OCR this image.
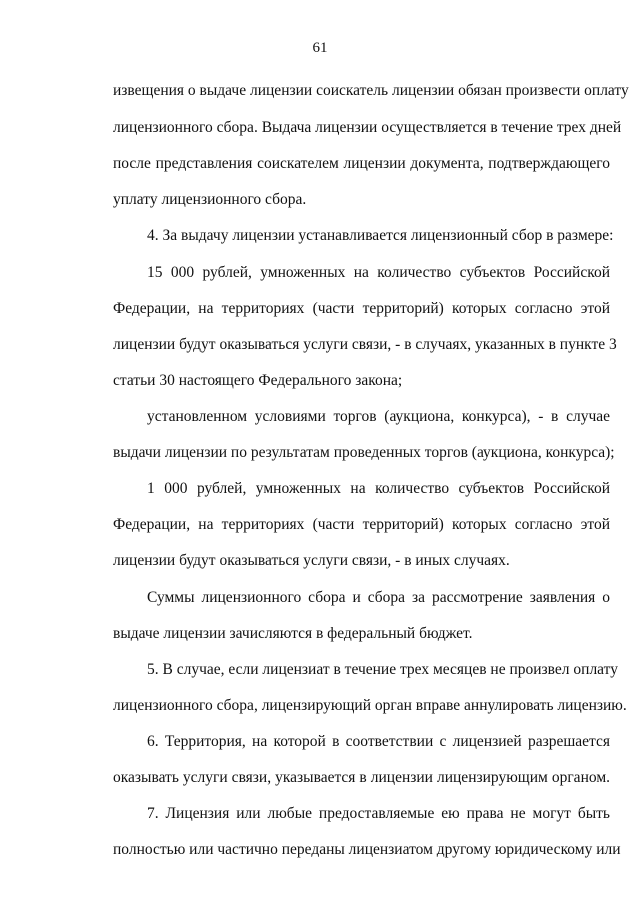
61
извещения о выдаче лицензии соискатель лицензии обязан произвести оплату
лицензионного сбора. Выдача лицензии осуществляется в течение трех дней
после представления соискателем лицензии документа, подтверждающего
уплату лицензионного сбора.
4. За выдачу лицензии устанавливается лицензионный сбор в размере:
15 000 рублей, умноженных на количество субъектов Российской
Федерации, на территориях (части территорий) которых согласно этой
лицензии будут оказываться услуги связи, - в случаях, указанных в пункте 3
статьи 30 настоящего Федерального закона;
установленном условиями торгов (аукциона, конкурса), - в случае
выдачи лицензии по результатам проведенных торгов (аукциона, конкурса);
1 000 рублей, умноженных на количество субъектов Российской
Федерации, на территориях (части территорий) которых согласно этой
лицензии будут оказываться услуги связи, - в иных случаях.
Суммы лицензионного сбора и сбора за рассмотрение заявления о
выдаче лицензии зачисляются в федеральный бюджет.
5. В случае, если лицензиат в течение трех месяцев не произвел оплату
лицензионного сбора, лицензирующий орган вправе аннулировать лицензию.
6. Территория, на которой в соответствии с лицензией разрешается
оказывать услуги связи, указывается в лицензии лицензирующим органом.
7. Лицензия или любые предоставляемые ею права не могут быть
полностью или частично переданы лицензиатом другому юридическому или
